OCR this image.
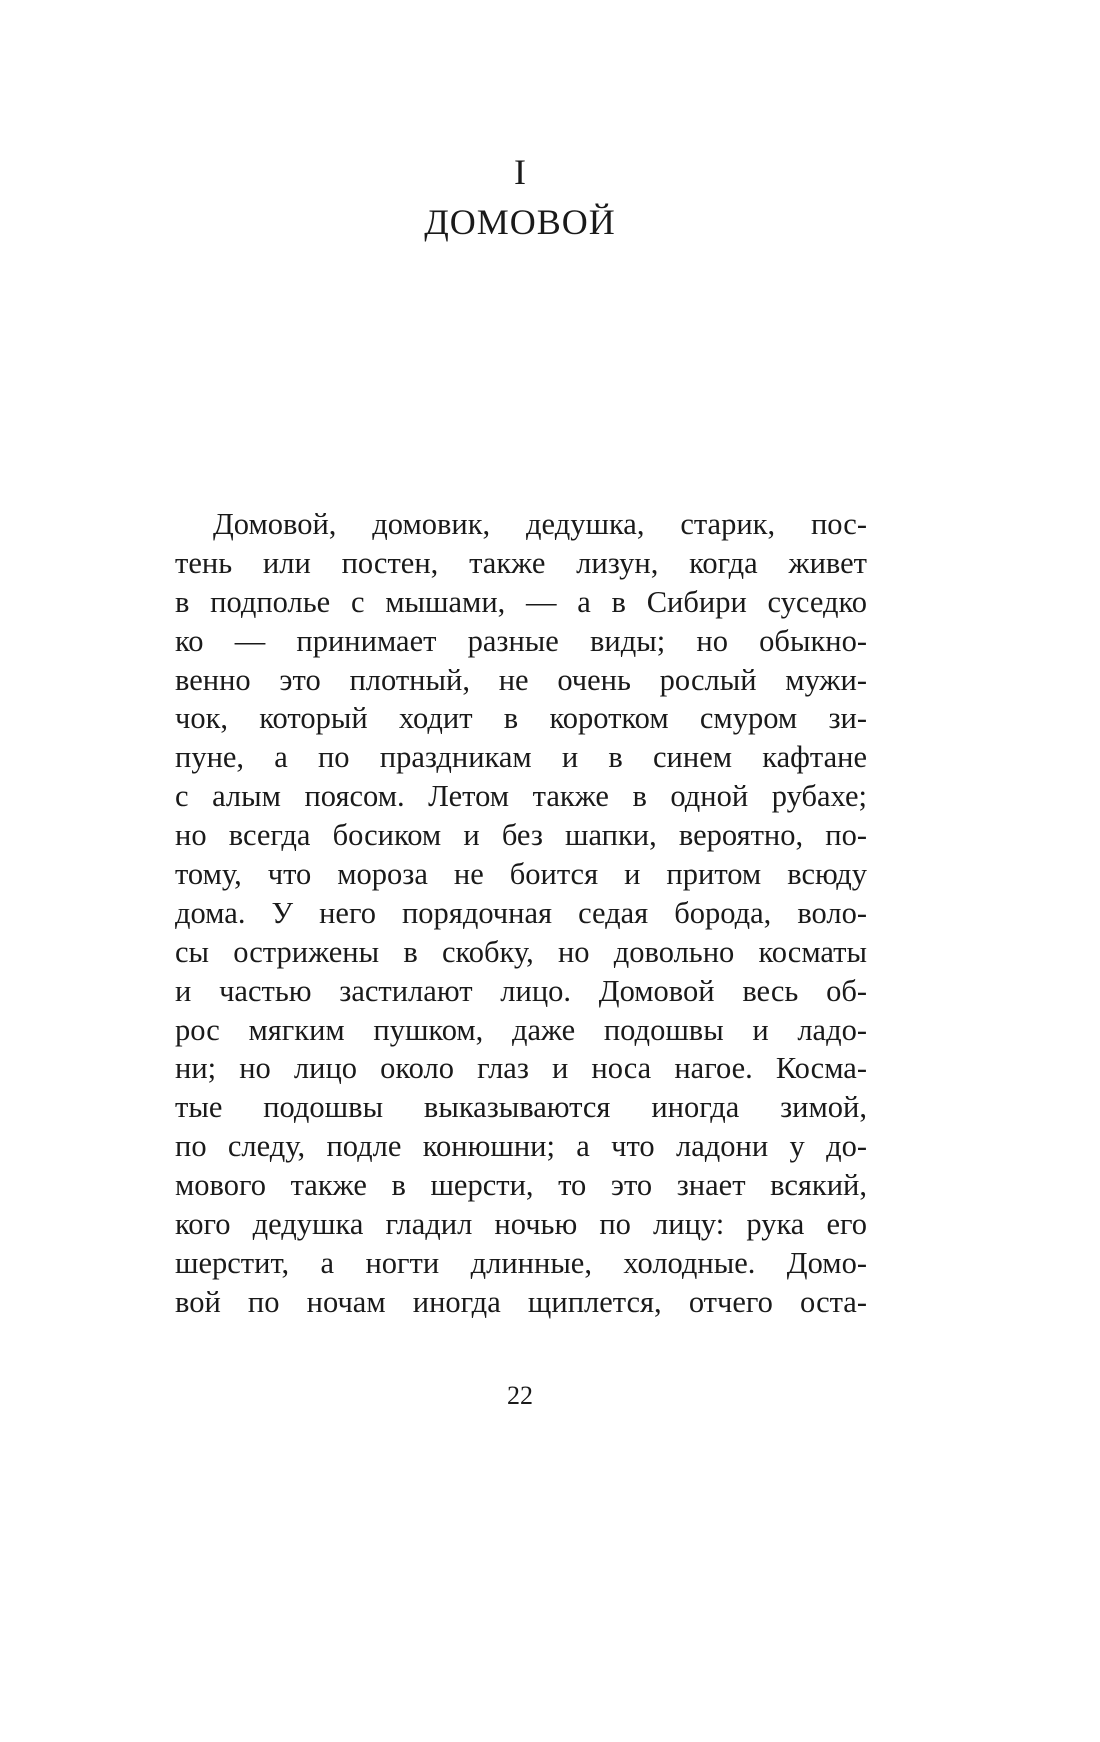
I
ДОМОВОЙ
Домовой, домовик, дедушка, старик, пос-
тень или постен, также лизун, когда живет
в подполье с мышами, — а в Сибири суседко
ко — принимает разные виды; но обыкно-
венно это плотный, не очень рослый мужи-
чок, который ходит в коротком смуром зи-
пуне, а по праздникам и в синем кафтане
с алым поясом. Летом также в одной рубахе;
но всегда босиком и без шапки, вероятно, по-
тому, что мороза не боится и притом всюду
дома. У него порядочная седая борода, воло-
сы острижены в скобку, но довольно косматы
и частью застилают лицо. Домовой весь об-
рос мягким пушком, даже подошвы и ладо-
ни; но лицо около глаз и носа нагое. Косма-
тые подошвы выказываются иногда зимой,
по следу, подле конюшни; а что ладони у до-
мового также в шерсти, то это знает всякий,
кого дедушка гладил ночью по лицу: рука его
шерстит, а ногти длинные, холодные. Домо-
вой по ночам иногда щиплется, отчего оста-
22
